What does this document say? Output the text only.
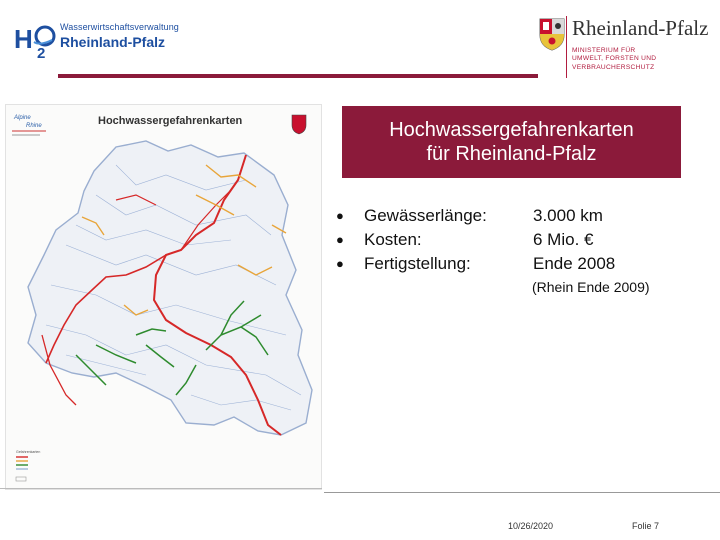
H 2
Wasserwirtschaftsverwaltung
Rheinland-Pfalz
Rheinland-Pfalz
MINISTERIUM FÜR
UMWELT, FORSTEN UND
VERBRAUCHERSCHUTZ
Alpine
Rhine
Gefahrenkarten
Hochwassergefahrenkarten	Hochwassergefahrenkarten
für Rheinland-Pfalz
● Gewässerlänge:	3.000 km
● Kosten:	6 Mio. €
● Fertigstellung:	Ende 2008
(Rhein Ende 2009)
10/26/2020	Folie 7
